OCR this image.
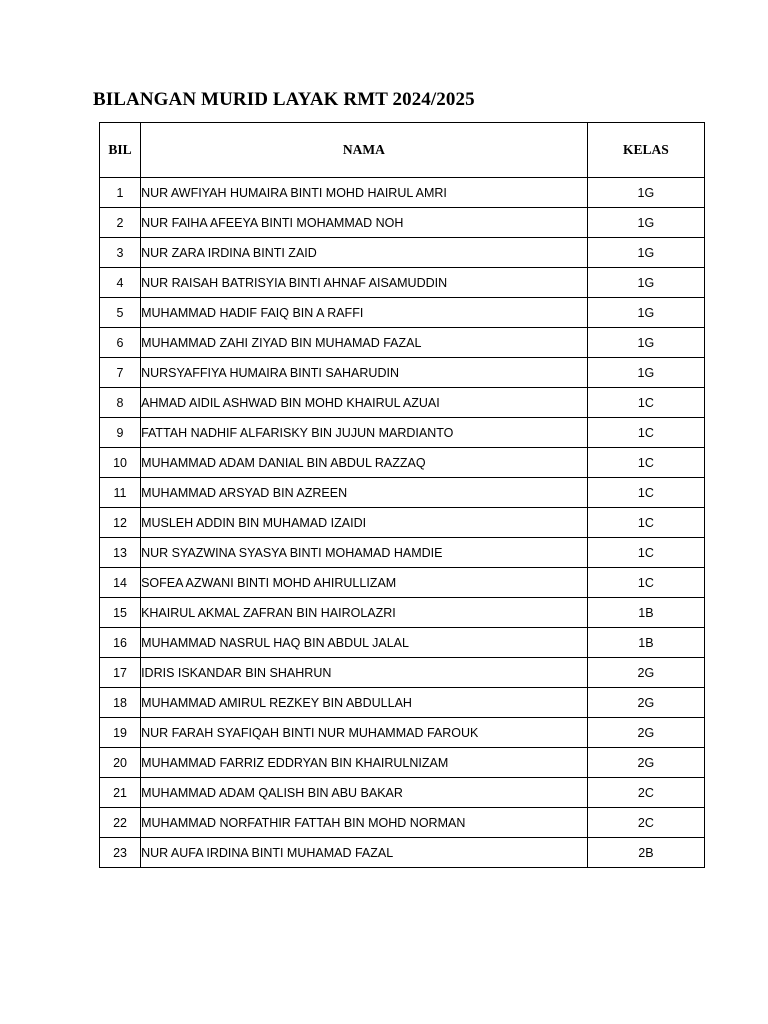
BILANGAN MURID LAYAK RMT 2024/2025
BIL	NAMA	KELAS
1	NUR AWFIYAH HUMAIRA BINTI MOHD HAIRUL AMRI	1G
2	NUR FAIHA AFEEYA BINTI MOHAMMAD NOH	1G
3	NUR ZARA IRDINA BINTI ZAID	1G
4	NUR RAISAH BATRISYIA BINTI AHNAF AISAMUDDIN	1G
5	MUHAMMAD HADIF FAIQ BIN A RAFFI	1G
6	MUHAMMAD ZAHI ZIYAD BIN MUHAMAD FAZAL	1G
7	NURSYAFFIYA HUMAIRA BINTI SAHARUDIN	1G
8	AHMAD AIDIL ASHWAD BIN MOHD KHAIRUL AZUAI	1C
9	FATTAH NADHIF ALFARISKY BIN JUJUN MARDIANTO	1C
10	MUHAMMAD ADAM DANIAL BIN ABDUL RAZZAQ	1C
11	MUHAMMAD ARSYAD BIN AZREEN	1C
12	MUSLEH ADDIN BIN MUHAMAD IZAIDI	1C
13	NUR SYAZWINA SYASYA BINTI MOHAMAD HAMDIE	1C
14	SOFEA AZWANI BINTI MOHD AHIRULLIZAM	1C
15	KHAIRUL AKMAL ZAFRAN BIN HAIROLAZRI	1B
16	MUHAMMAD NASRUL HAQ BIN ABDUL JALAL	1B
17	IDRIS ISKANDAR BIN SHAHRUN	2G
18	MUHAMMAD AMIRUL REZKEY BIN ABDULLAH	2G
19	NUR FARAH SYAFIQAH BINTI NUR MUHAMMAD FAROUK	2G
20	MUHAMMAD FARRIZ EDDRYAN BIN KHAIRULNIZAM	2G
21	MUHAMMAD ADAM QALISH BIN ABU BAKAR	2C
22	MUHAMMAD NORFATHIR FATTAH BIN MOHD NORMAN	2C
23	NUR AUFA IRDINA BINTI MUHAMAD FAZAL	2B
